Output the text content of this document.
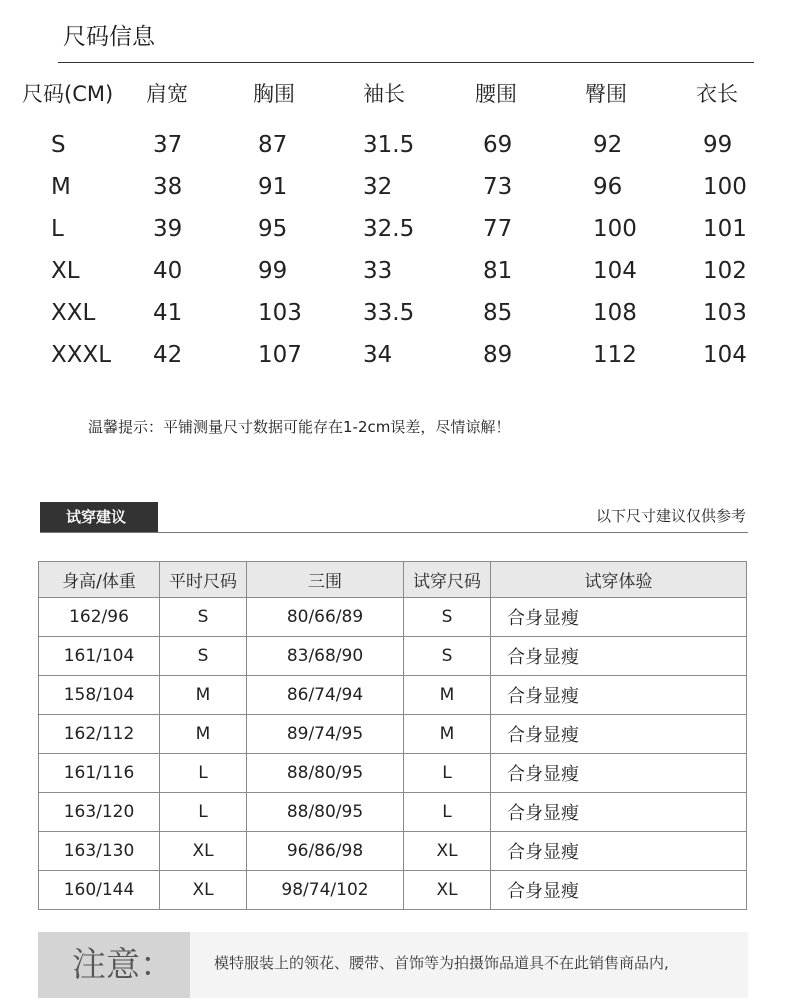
尺码信息
尺码(CM) 肩宽	胸围	袖长	腰围	臀围	衣长
S	37	87	31.5	69	92	99
M	38	91	32	73	96	100
L	39	95	32.5	77	100	101
XL	40	99	33	81	104	102
XXL	41	103	33.5	85	108	103
XXXL 42	107	34	89	112	104
温馨提示：平铺测量尺寸数据可能存在1-2cm误差，尽情谅解！
试穿建议	以下尺寸建议仅供参考
身高/体重	平时尺码	三围	试穿尺码	试穿体验
162/96	S	80/66/89	S	合身显瘦
161/104	S	83/68/90	S	合身显瘦
158/104	M	86/74/94	M	合身显瘦
162/112	M	89/74/95	M	合身显瘦
161/116	L	88/80/95	L	合身显瘦
163/120	L	88/80/95	L	合身显瘦
163/130	XL	96/86/98	XL	合身显瘦
160/144	XL	98/74/102	XL	合身显瘦
注意：	模特服装上的领花、腰带、首饰等为拍摄饰品道具不在此销售商品内,
